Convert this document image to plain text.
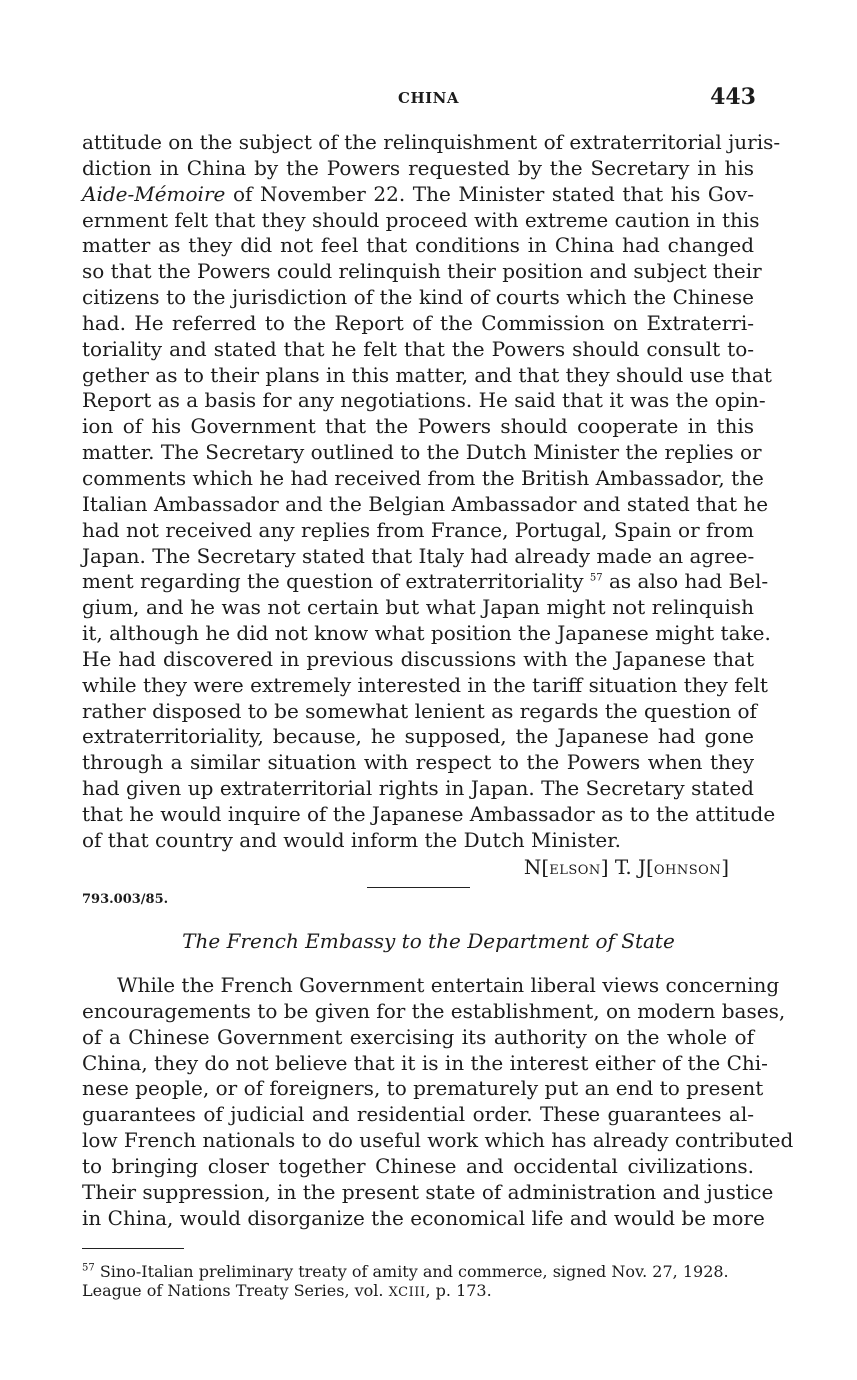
CHINA	443
attitude on the subject of the relinquishment of extraterritorial juris-
diction in China by the Powers requested by the Secretary in his
Aide-Mémoire of November 22. The Minister stated that his Gov-
ernment felt that they should proceed with extreme caution in this
matter as they did not feel that conditions in China had changed
so that the Powers could relinquish their position and subject their
citizens to the jurisdiction of the kind of courts which the Chinese
had. He referred to the Report of the Commission on Extraterri-
toriality and stated that he felt that the Powers should consult to-
gether as to their plans in this matter, and that they should use that
Report as a basis for any negotiations. He said that it was the opin-
ion of his Government that the Powers should cooperate in this
matter. The Secretary outlined to the Dutch Minister the replies or
comments which he had received from the British Ambassador, the
Italian Ambassador and the Belgian Ambassador and stated that he
had not received any replies from France, Portugal, Spain or from
Japan. The Secretary stated that Italy had already made an agree-
ment regarding the question of extraterritoriality $^{57}$ as also had Bel-
gium, and he was not certain but what Japan might not relinquish
it, although he did not know what position the Japanese might take.
He had discovered in previous discussions with the Japanese that
while they were extremely interested in the tariff situation they felt
rather disposed to be somewhat lenient as regards the question of
extraterritoriality, because, he supposed, the Japanese had gone
through a similar situation with respect to the Powers when they
had given up extraterritorial rights in Japan. The Secretary stated
that he would inquire of the Japanese Ambassador as to the attitude
of that country and would inform the Dutch Minister.
N[ELSON] T. J[OHNSON]
793.003/85.
The French Embassy to the Department of State
While the French Government entertain liberal views concerning
encouragements to be given for the establishment, on modern bases,
of a Chinese Government exercising its authority on the whole of
China, they do not believe that it is in the interest either of the Chi-
nese people, or of foreigners, to prematurely put an end to present
guarantees of judicial and residential order. These guarantees al-
low French nationals to do useful work which has already contributed
to bringing closer together Chinese and occidental civilizations.
Their suppression, in the present state of administration and justice
in China, would disorganize the economical life and would be more
$^{57}$ Sino-Italian preliminary treaty of amity and commerce, signed Nov. 27, 1928.
League of Nations Treaty Series, vol. XCIII, p. 173.
